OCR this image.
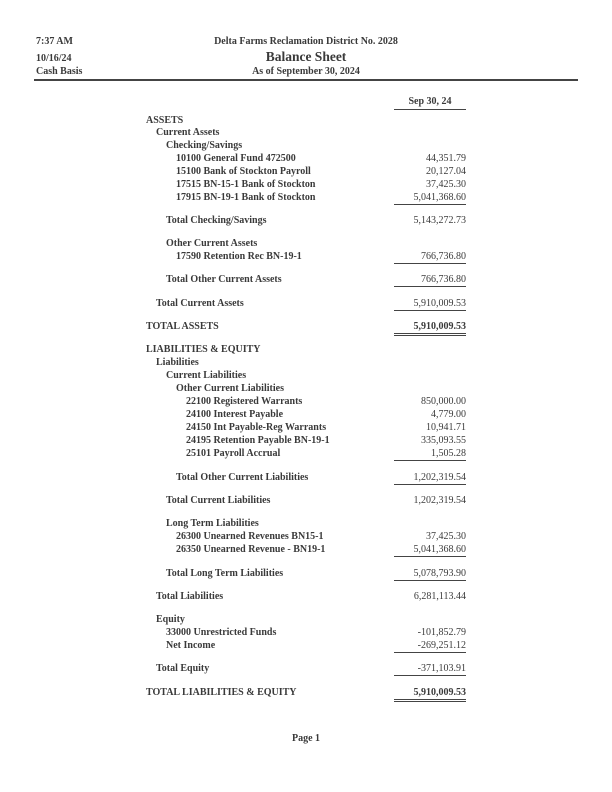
7:37 AM
10/16/24
Cash Basis
Delta Farms Reclamation District No. 2028
Balance Sheet
As of September 30, 2024
Sep 30, 24
ASSETS
Current Assets
Checking/Savings
10100 General Fund 472500	44,351.79
15100 Bank of Stockton Payroll	20,127.04
17515 BN-15-1 Bank of Stockton	37,425.30
17915 BN-19-1 Bank of Stockton	5,041,368.60
Total Checking/Savings	5,143,272.73
Other Current Assets
17590 Retention Rec BN-19-1	766,736.80
Total Other Current Assets	766,736.80
Total Current Assets	5,910,009.53
TOTAL ASSETS	5,910,009.53
LIABILITIES & EQUITY
Liabilities
Current Liabilities
Other Current Liabilities
22100 Registered Warrants	850,000.00
24100 Interest Payable	4,779.00
24150 Int Payable-Reg Warrants	10,941.71
24195 Retention Payable BN-19-1	335,093.55
25101 Payroll Accrual	1,505.28
Total Other Current Liabilities	1,202,319.54
Total Current Liabilities	1,202,319.54
Long Term Liabilities
26300 Unearned Revenues BN15-1	37,425.30
26350 Unearned Revenue - BN19-1	5,041,368.60
Total Long Term Liabilities	5,078,793.90
Total Liabilities	6,281,113.44
Equity
33000 Unrestricted Funds	-101,852.79
Net Income	-269,251.12
Total Equity	-371,103.91
TOTAL LIABILITIES & EQUITY	5,910,009.53
Page 1
